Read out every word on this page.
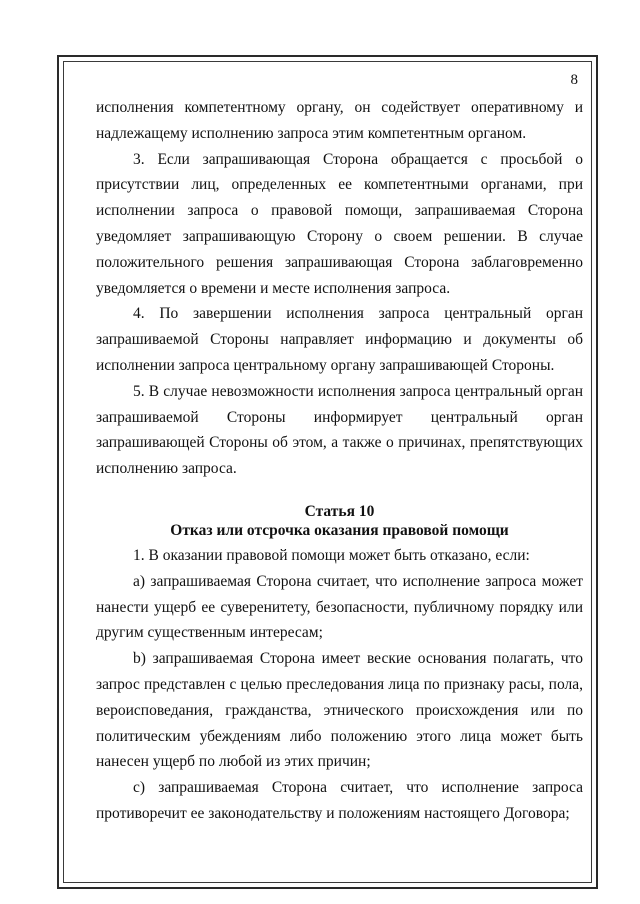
8

исполнения компетентному органу, он содействует оперативному и надлежащему исполнению запроса этим компетентным органом.

3. Если запрашивающая Сторона обращается с просьбой о присутствии лиц, определенных ее компетентными органами, при исполнении запроса о правовой помощи, запрашиваемая Сторона уведомляет запрашивающую Сторону о своем решении. В случае положительного решения запрашивающая Сторона заблаговременно уведомляется о времени и месте исполнения запроса.

4. По завершении исполнения запроса центральный орган запрашиваемой Стороны направляет информацию и документы об исполнении запроса центральному органу запрашивающей Стороны.

5. В случае невозможности исполнения запроса центральный орган запрашиваемой Стороны информирует центральный орган запрашивающей Стороны об этом, а также о причинах, препятствующих исполнению запроса.

Статья 10

Отказ или отсрочка оказания правовой помощи

1. В оказании правовой помощи может быть отказано, если:

a) запрашиваемая Сторона считает, что исполнение запроса может нанести ущерб ее суверенитету, безопасности, публичному порядку или другим существенным интересам;

b) запрашиваемая Сторона имеет веские основания полагать, что запрос представлен с целью преследования лица по признаку расы, пола, вероисповедания, гражданства, этнического происхождения или по политическим убеждениям либо положению этого лица может быть нанесен ущерб по любой из этих причин;

c) запрашиваемая Сторона считает, что исполнение запроса противоречит ее законодательству и положениям настоящего Договора;
